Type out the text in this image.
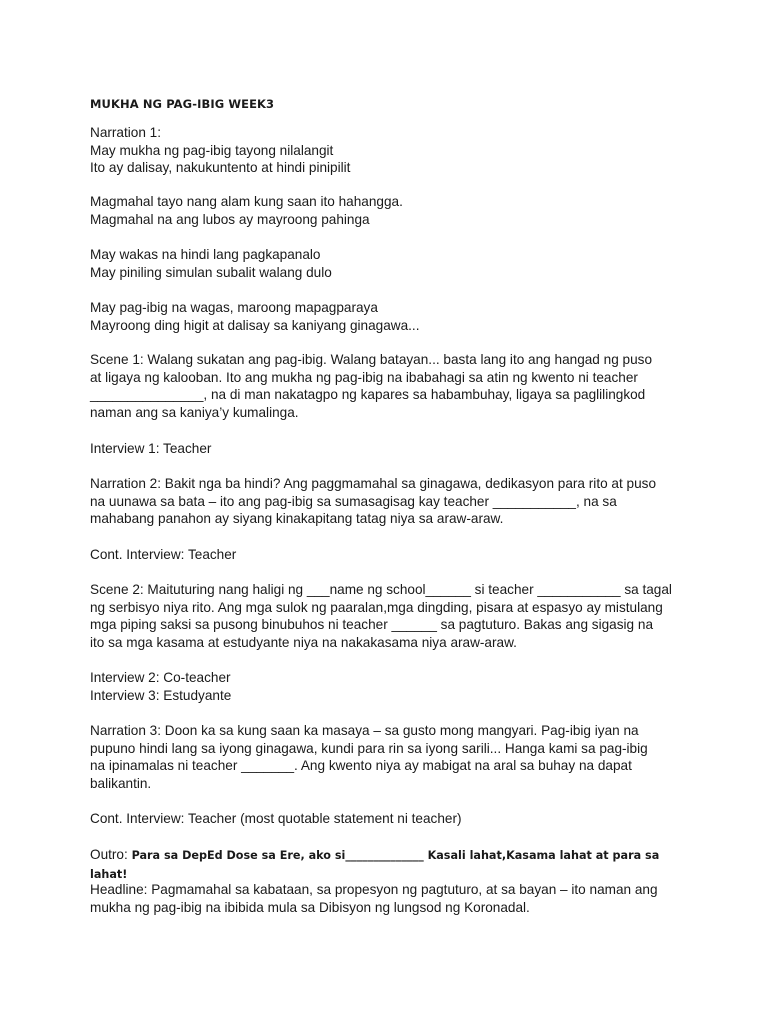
MUKHA NG PAG-IBIG WEEK3

Narration 1:

May mukha ng pag-ibig tayong nilalangit

Ito ay dalisay, nakukuntento at hindi pinipilit

Magmahal tayo nang alam kung saan ito hahangga.

Magmahal na ang lubos ay mayroong pahinga

May wakas na hindi lang pagkapanalo

May piniling simulan subalit walang dulo

May pag-ibig na wagas, maroong mapagparaya

Mayroong ding higit at dalisay sa kaniyang ginagawa...

Scene 1: Walang sukatan ang pag-ibig. Walang batayan... basta lang ito ang hangad ng puso

at ligaya ng kalooban. Ito ang mukha ng pag-ibig na ibabahagi sa atin ng kwento ni teacher

_______________, na di man nakatagpo ng kapares sa habambuhay, ligaya sa paglilingkod

naman ang sa kaniya’y kumalinga.

Interview 1: Teacher

Narration 2: Bakit nga ba hindi? Ang paggmamahal sa ginagawa, dedikasyon para rito at puso

na uunawa sa bata – ito ang pag-ibig sa sumasagisag kay teacher ___________, na sa

mahabang panahon ay siyang kinakapitang tatag niya sa araw-araw.

Cont. Interview: Teacher

Scene 2: Maituturing nang haligi ng ___name ng school______ si teacher ___________ sa tagal

ng serbisyo niya rito. Ang mga sulok ng paaralan,mga dingding, pisara at espasyo ay mistulang

mga piping saksi sa pusong binubuhos ni teacher ______ sa pagtuturo. Bakas ang sigasig na

ito sa mga kasama at estudyante niya na nakakasama niya araw-araw.

Interview 2: Co-teacher

Interview 3: Estudyante

Narration 3: Doon ka sa kung saan ka masaya – sa gusto mong mangyari. Pag-ibig iyan na

pupuno hindi lang sa iyong ginagawa, kundi para rin sa iyong sarili... Hanga kami sa pag-ibig

na ipinamalas ni teacher _______. Ang kwento niya ay mabigat na aral sa buhay na dapat

balikantin.

Cont. Interview: Teacher (most quotable statement ni teacher)

Outro: Para sa DepEd Dose sa Ere, ako si______________ Kasali lahat,Kasama lahat at para sa lahat!

Headline: Pagmamahal sa kabataan, sa propesyon ng pagtuturo, at sa bayan – ito naman ang

mukha ng pag-ibig na ibibida mula sa Dibisyon ng lungsod ng Koronadal.
